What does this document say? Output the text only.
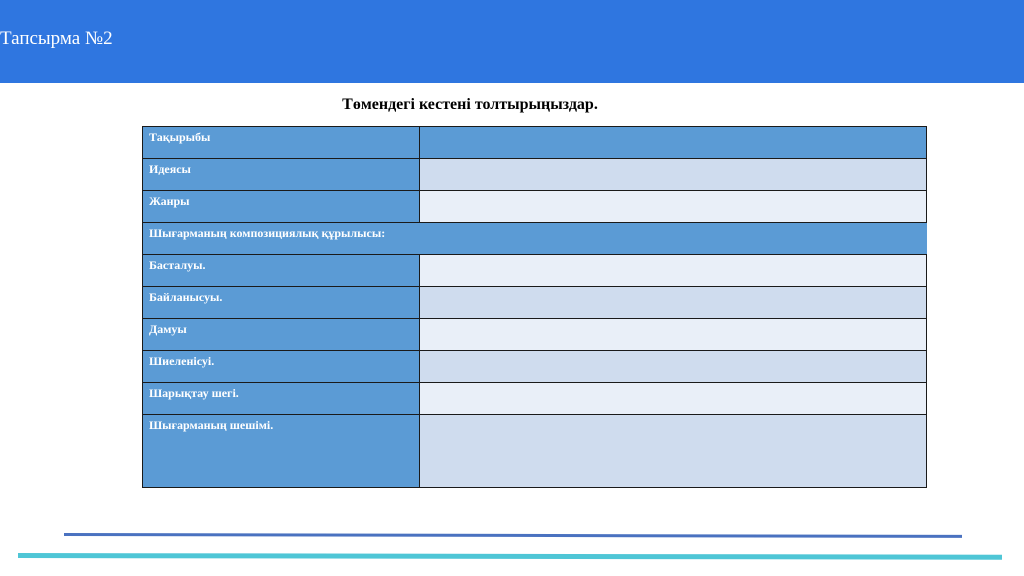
Тапсырма №2
Төмендегі кестені толтырыңыздар.
Тақырыбы	
Идеясы	
Жанры	
Шығарманың композициялық құрылысы:	
Басталуы.	
Байланысуы.	
Дамуы	
Шиеленісуі.	
Шарықтау шегі.	
Шығарманың шешімі.	
